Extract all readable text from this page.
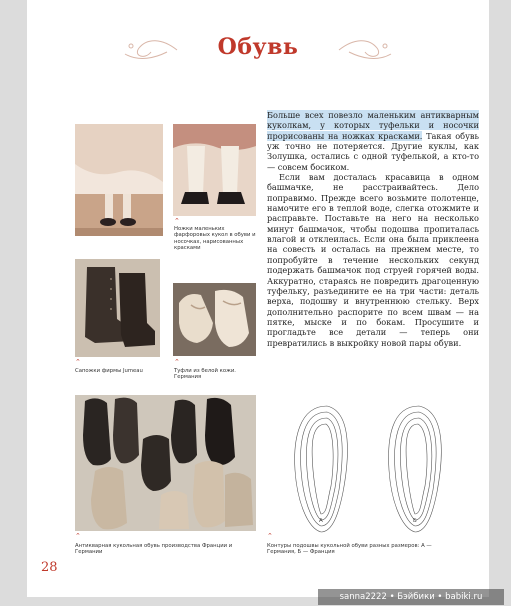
Обувь
⌃
Ножки маленьких фарфоровых кукол в обуви и носочках, нарисованных красками
⌃
Сапожки фирмы Jumeau
⌃
Туфли из белой кожи. Германия
⌃
Антикварная кукольная обувь производства Франции и Германии

Больше всех повезло маленьким антикварным куколкам, у которых туфельки и носочки прорисованы на ножках красками. Такая обувь уж точно не потеряется. Другие куклы, как Золушка, остались с одной туфелькой, а кто-то — совсем босиком.

Если вам досталась красавица в одном башмачке, не расстраивайтесь. Дело поправимо. Прежде всего возьмите полотенце, намочите его в теплой воде, слегка отожмите и расправьте. Поставьте на него на несколько минут башмачок, чтобы подошва пропиталась влагой и отклеилась. Если она была приклеена на совесть и осталась на прежнем месте, то попробуйте в течение нескольких секунд подержать башмачок под струей горячей воды. Аккуратно, стараясь не повредить драгоценную туфельку, разъедините ее на три части: деталь верха, подошву и внутреннюю стельку. Верх дополнительно распорите по всем швам — на пятке, мыске и по бокам. Просушите и прогладьте все детали — теперь они превратились в выкройку новой пары обуви.

А	Б
⌃
Контуры подошвы кукольной обуви разных размеров: А — Германия, Б — Франция
28
sanna2222 • Бэйбики • babiki.ru
